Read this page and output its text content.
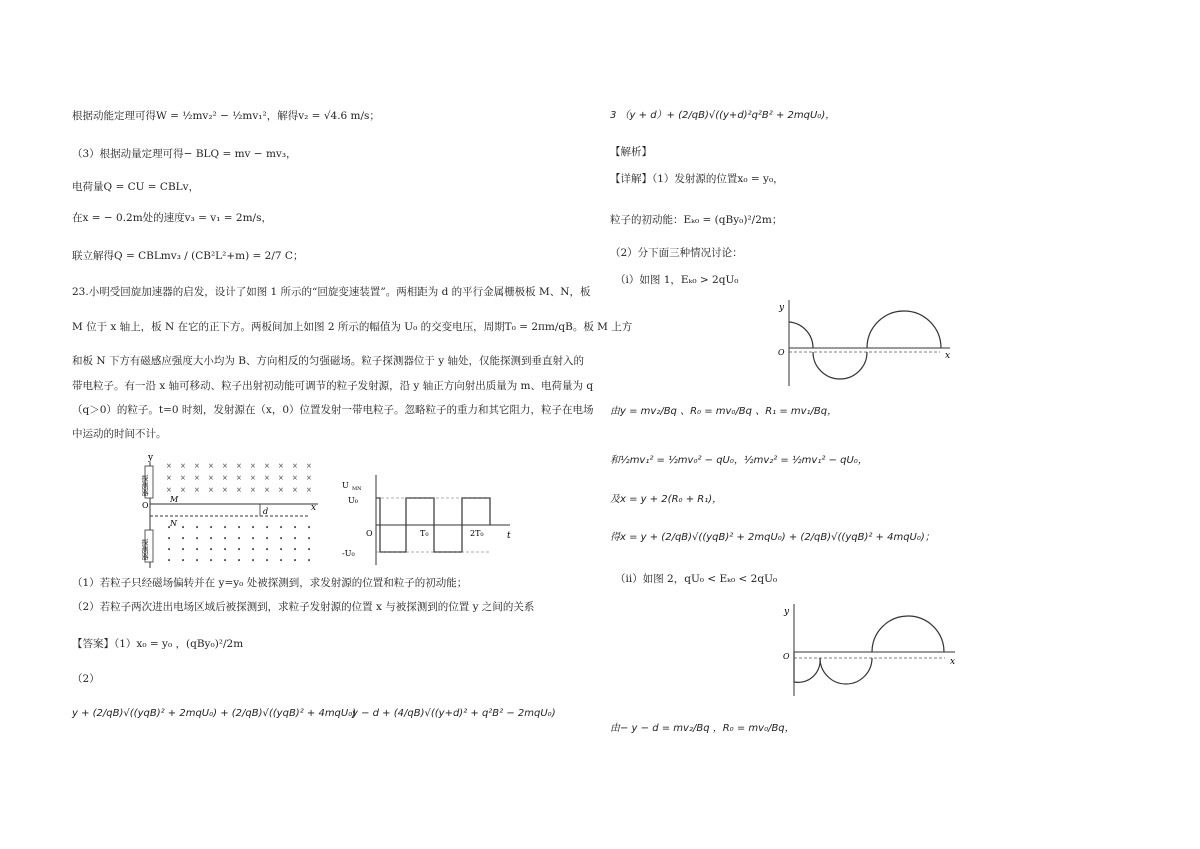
根据动能定理可得W = ½mv₂² − ½mv₁²，解得v₂ = √4.6 m/s；
（3）根据动量定理可得− BLQ = mv − mv₃，
电荷量Q = CU = CBLv，
在x = − 0.2m处的速度v₃ = v₁ = 2m/s，
联立解得Q = CBLmv₃ / (CB²L²+m) = 2/7 C；
23.小明受回旋加速器的启发，设计了如图 1 所示的“回旋变速装置”。两相距为 d 的平行金属栅极板 M、N，板
M 位于 x 轴上，板 N 在它的正下方。两板间加上如图 2 所示的幅值为 U₀ 的交变电压，周期T₀ = 2πm/qB。板 M 上方
和板 N 下方有磁感应强度大小均为 B、方向相反的匀强磁场。粒子探测器位于 y 轴处，仅能探测到垂直射入的
带电粒子。有一沿 x 轴可移动、粒子出射初动能可调节的粒子发射源，沿 y 轴正方向射出质量为 m、电荷量为 q
（q＞0）的粒子。t=0 时刻，发射源在（x，0）位置发射一带电粒子。忽略粒子的重力和其它阻力，粒子在电场
中运动的时间不计。
y
探测器
探测器
x
O
M
N
d
× × × × × × × × × × ×
× × × × × × × × × × ×
× × × × × × × × × × ×
• • • • • • • • • • •
• • • • • • • • • • •
• • • • • • • • • • •
• • • • • • • • • • •
U MN
t
U₀
-U₀
O	T₀	2T₀
（1）若粒子只经磁场偏转并在 y=y₀ 处被探测到，求发射源的位置和粒子的初动能；
（2）若粒子两次进出电场区域后被探测到，求粒子发射源的位置 x 与被探测到的位置 y 之间的关系
【答案】（1）x₀ = y₀ ，(qBy₀)²/2m
（2）
y + (2/qB)√((yqB)² + 2mqU₀) + (2/qB)√((yqB)² + 4mqU₀)
y − d + (4/qB)√((y+d)² + q²B² − 2mqU₀)
3 （y + d）+ (2/qB)√((y+d)²q²B² + 2mqU₀)，
【解析】
【详解】（1）发射源的位置x₀ = y₀，
粒子的初动能：Eₖ₀ = (qBy₀)²/2m；
（2）分下面三种情况讨论：
（i）如图 1，Eₖ₀ > 2qU₀
y
x
O
由y = mv₂/Bq 、R₀ = mv₀/Bq 、R₁ = mv₁/Bq，
和½mv₁² = ½mv₀² − qU₀，½mv₂² = ½mv₁² − qU₀，
及x = y + 2(R₀ + R₁)，
得x = y + (2/qB)√((yqB)² + 2mqU₀) + (2/qB)√((yqB)² + 4mqU₀)；
（ii）如图 2，qU₀ < Eₖ₀ < 2qU₀
y
x
O
由− y − d = mv₂/Bq ，R₀ = mv₀/Bq，
